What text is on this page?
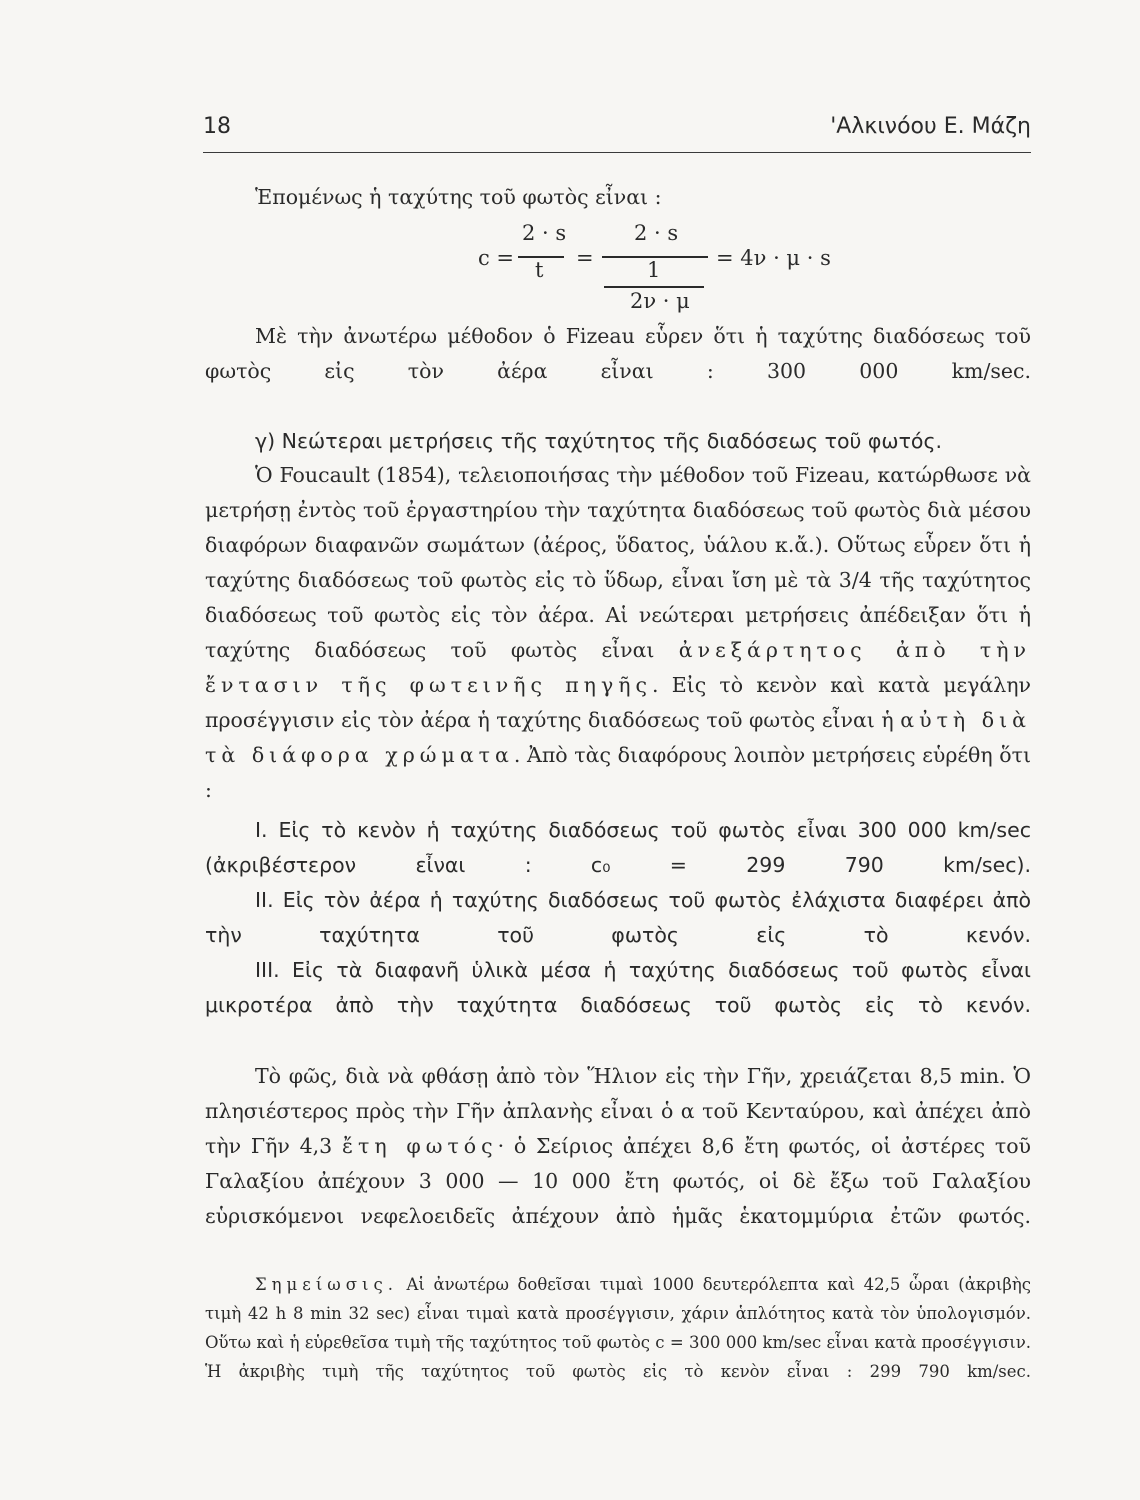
18	'Αλκινόου Ε. Μάζη

Ἑπομένως ἡ ταχύτης τοῦ φωτὸς εἶναι :

c =
2 · s
t =
2 · s
1
2ν · μ
= 4ν · μ · s

Μὲ τὴν ἀνωτέρω μέθοδον ὁ Fizeau εὗρεν ὅτι ἡ ταχύτης διαδόσεως τοῦ φωτὸς εἰς τὸν ἀέρα εἶναι : 300 000 km/sec.

γ) Νεώτεραι μετρήσεις τῆς ταχύτητος τῆς διαδόσεως τοῦ φωτός.

Ὁ Foucault (1854), τελειοποιήσας τὴν μέθοδον τοῦ Fizeau, κατώρθωσε νὰ μετρήσῃ ἐντὸς τοῦ ἐργαστηρίου τὴν ταχύτητα διαδόσεως τοῦ φωτὸς διὰ μέσου διαφόρων διαφανῶν σωμάτων (ἀέρος, ὕδατος, ὑάλου κ.ἄ.). Οὕτως εὗρεν ὅτι ἡ ταχύτης διαδόσεως τοῦ φωτὸς εἰς τὸ ὕδωρ, εἶναι ἴση μὲ τὰ 3/4 τῆς ταχύτητος διαδόσεως τοῦ φωτὸς εἰς τὸν ἀέρα. Αἱ νεώτεραι μετρήσεις ἀπέδειξαν ὅτι ἡ ταχύτης διαδόσεως τοῦ φωτὸς εἶναι ἀνεξάρτητος ἀπὸ τὴν ἔντασιν τῆς φωτεινῆς πηγῆς. Εἰς τὸ κενὸν καὶ κατὰ μεγάλην προσέγγισιν εἰς τὸν ἀέρα ἡ ταχύτης διαδόσεως τοῦ φωτὸς εἶναι ἡ αὐτὴ διὰ τὰ διάφορα χρώματα. Ἀπὸ τὰς διαφόρους λοιπὸν μετρήσεις εὑρέθη ὅτι :

Ι. Εἰς τὸ κενὸν ἡ ταχύτης διαδόσεως τοῦ φωτὸς εἶναι 300 000 km/sec (ἀκριβέστερον εἶναι : c₀ = 299 790 km/sec).

ΙΙ. Εἰς τὸν ἀέρα ἡ ταχύτης διαδόσεως τοῦ φωτὸς ἐλάχιστα διαφέρει ἀπὸ τὴν ταχύτητα τοῦ φωτὸς εἰς τὸ κενόν.

ΙΙΙ. Εἰς τὰ διαφανῆ ὑλικὰ μέσα ἡ ταχύτης διαδόσεως τοῦ φωτὸς εἶναι μικροτέρα ἀπὸ τὴν ταχύτητα διαδόσεως τοῦ φωτὸς εἰς τὸ κενόν.

Τὸ φῶς, διὰ νὰ φθάσῃ ἀπὸ τὸν Ἥλιον εἰς τὴν Γῆν, χρειάζεται 8,5 min. Ὁ πλησιέστερος πρὸς τὴν Γῆν ἀπλανὴς εἶναι ὁ α τοῦ Κενταύρου, καὶ ἀπέχει ἀπὸ τὴν Γῆν 4,3 ἔτη φωτός· ὁ Σείριος ἀπέχει 8,6 ἔτη φωτός, οἱ ἀστέρες τοῦ Γαλαξίου ἀπέχουν 3 000 — 10 000 ἔτη φωτός, οἱ δὲ ἔξω τοῦ Γαλαξίου εὑρισκόμενοι νεφελοειδεῖς ἀπέχουν ἀπὸ ἡμᾶς ἑκατομμύρια ἐτῶν φωτός.

Σημείωσις. Αἱ ἀνωτέρω δοθεῖσαι τιμαὶ 1000 δευτερόλεπτα καὶ 42,5 ὧραι (ἀκριβὴς τιμὴ 42 h 8 min 32 sec) εἶναι τιμαὶ κατὰ προσέγγισιν, χάριν ἁπλότητος κατὰ τὸν ὑπολογισμόν. Οὕτω καὶ ἡ εὑρεθεῖσα τιμὴ τῆς ταχύτητος τοῦ φωτὸς c = 300 000 km/sec εἶναι κατὰ προσέγγισιν. Ἡ ἀκριβὴς τιμὴ τῆς ταχύτητος τοῦ φωτὸς εἰς τὸ κενὸν εἶναι : 299 790 km/sec.
